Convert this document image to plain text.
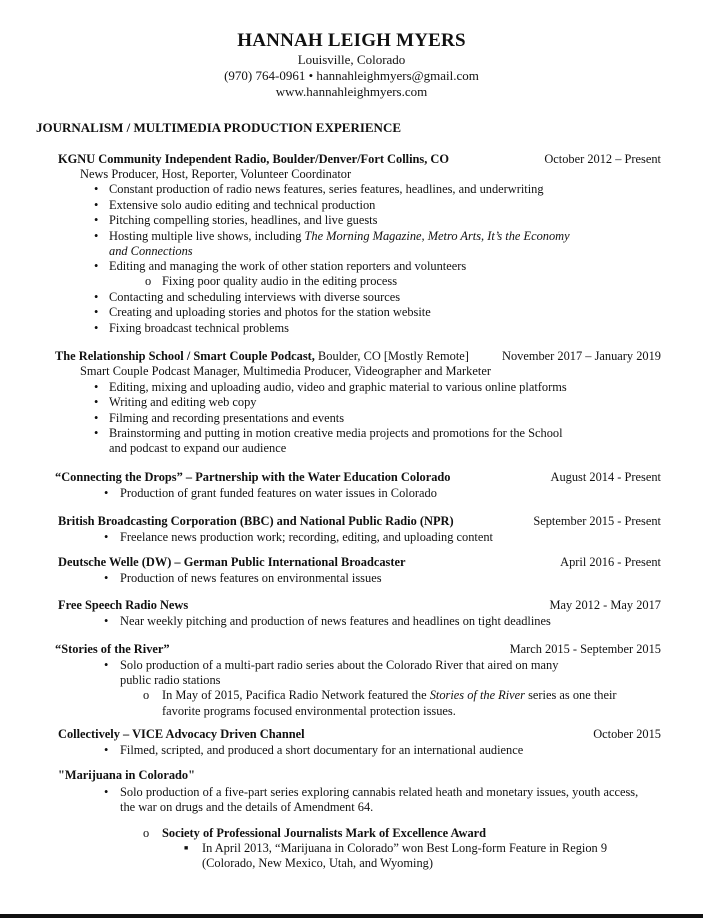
HANNAH LEIGH MYERS
Louisville, Colorado
(970) 764-0961 • hannahleighmyers@gmail.com
www.hannahleighmyers.com
JOURNALISM / MULTIMEDIA PRODUCTION EXPERIENCE
KGNU Community Independent Radio, Boulder/Denver/Fort Collins, CO	October 2012 – Present
News Producer, Host, Reporter, Volunteer Coordinator
• Constant production of radio news features, series features, headlines, and underwriting
• Extensive solo audio editing and technical production
• Pitching compelling stories, headlines, and live guests
• Hosting multiple live shows, including The Morning Magazine, Metro Arts, It’s the Economy
and Connections
• Editing and managing the work of other station reporters and volunteers
o Fixing poor quality audio in the editing process
• Contacting and scheduling interviews with diverse sources
• Creating and uploading stories and photos for the station website
• Fixing broadcast technical problems
The Relationship School / Smart Couple Podcast, Boulder, CO [Mostly Remote]	November 2017 – January 2019
Smart Couple Podcast Manager, Multimedia Producer, Videographer and Marketer
• Editing, mixing and uploading audio, video and graphic material to various online platforms
• Writing and editing web copy
• Filming and recording presentations and events
• Brainstorming and putting in motion creative media projects and promotions for the School
and podcast to expand our audience
“Connecting the Drops” – Partnership with the Water Education Colorado	August 2014 - Present
• Production of grant funded features on water issues in Colorado
British Broadcasting Corporation (BBC) and National Public Radio (NPR)	September 2015 - Present
• Freelance news production work; recording, editing, and uploading content
Deutsche Welle (DW) – German Public International Broadcaster	April 2016 - Present
• Production of news features on environmental issues
Free Speech Radio News	May 2012 - May 2017
• Near weekly pitching and production of news features and headlines on tight deadlines
“Stories of the River”	March 2015 - September 2015
• Solo production of a multi-part radio series about the Colorado River that aired on many
public radio stations
o In May of 2015, Pacifica Radio Network featured the Stories of the River series as one their
favorite programs focused environmental protection issues.
Collectively – VICE Advocacy Driven Channel	October 2015
• Filmed, scripted, and produced a short documentary for an international audience
"Marijuana in Colorado"
• Solo production of a five-part series exploring cannabis related heath and monetary issues, youth access,
the war on drugs and the details of Amendment 64.
o Society of Professional Journalists Mark of Excellence Award
■ In April 2013, “Marijuana in Colorado” won Best Long-form Feature in Region 9
(Colorado, New Mexico, Utah, and Wyoming)
